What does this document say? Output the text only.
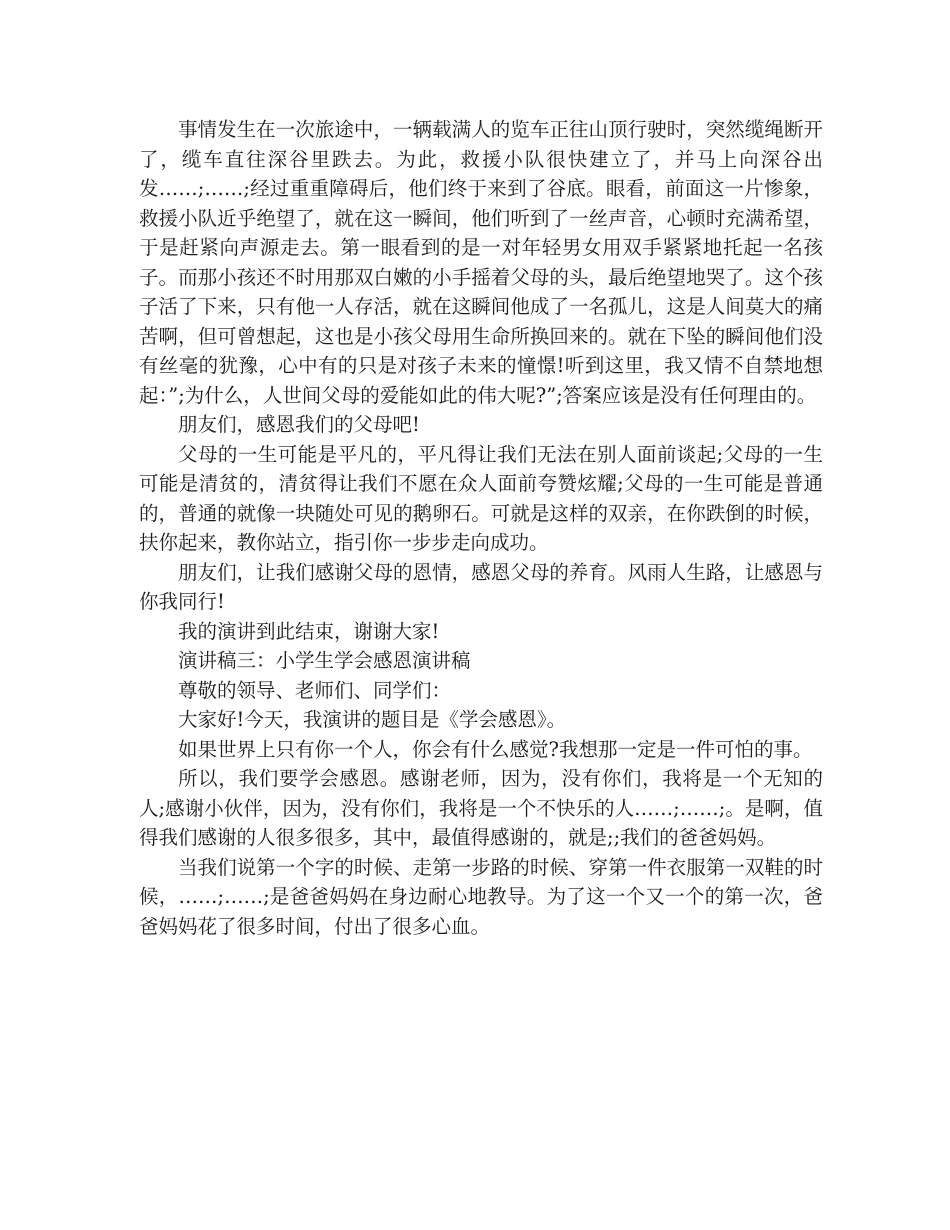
事情发生在一次旅途中，一辆载满人的览车正往山顶行驶时，突然缆绳断开了，缆车直往深谷里跌去。为此，救援小队很快建立了，并马上向深谷出发……;……;经过重重障碍后，他们终于来到了谷底。眼看，前面这一片惨象，救援小队近乎绝望了，就在这一瞬间，他们听到了一丝声音，心顿时充满希望，于是赶紧向声源走去。第一眼看到的是一对年轻男女用双手紧紧地托起一名孩子。而那小孩还不时用那双白嫩的小手摇着父母的头，最后绝望地哭了。这个孩子活了下来，只有他一人存活，就在这瞬间他成了一名孤儿，这是人间莫大的痛苦啊，但可曾想起，这也是小孩父母用生命所换回来的。就在下坠的瞬间他们没有丝毫的犹豫，心中有的只是对孩子未来的憧憬!听到这里，我又情不自禁地想起：”;为什么，人世间父母的爱能如此的伟大呢?”;答案应该是没有任何理由的。

朋友们，感恩我们的父母吧!

父母的一生可能是平凡的，平凡得让我们无法在别人面前谈起;父母的一生可能是清贫的，清贫得让我们不愿在众人面前夸赞炫耀;父母的一生可能是普通的，普通的就像一块随处可见的鹅卵石。可就是这样的双亲，在你跌倒的时候，扶你起来，教你站立，指引你一步步走向成功。

朋友们，让我们感谢父母的恩情，感恩父母的养育。风雨人生路，让感恩与你我同行!

我的演讲到此结束，谢谢大家!

演讲稿三：小学生学会感恩演讲稿

尊敬的领导、老师们、同学们：

大家好!今天，我演讲的题目是《学会感恩》。

如果世界上只有你一个人，你会有什么感觉?我想那一定是一件可怕的事。

所以，我们要学会感恩。感谢老师，因为，没有你们，我将是一个无知的人;感谢小伙伴，因为，没有你们，我将是一个不快乐的人……;……;。是啊，值得我们感谢的人很多很多，其中，最值得感谢的，就是;;我们的爸爸妈妈。

当我们说第一个字的时候、走第一步路的时候、穿第一件衣服第一双鞋的时候，……;……;是爸爸妈妈在身边耐心地教导。为了这一个又一个的第一次，爸爸妈妈花了很多时间，付出了很多心血。
